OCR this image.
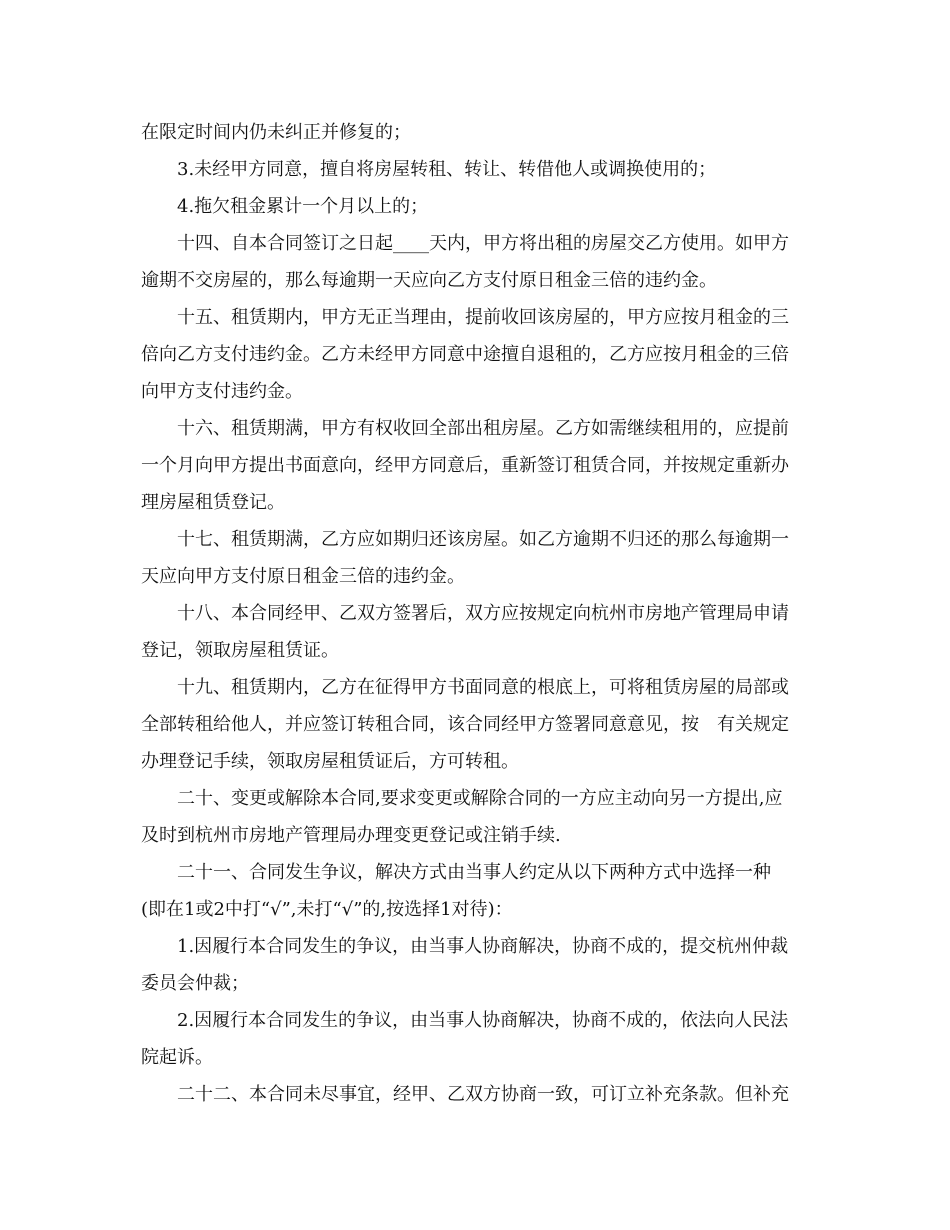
在限定时间内仍未纠正并修复的；
3.未经甲方同意，擅自将房屋转租、转让、转借他人或调换使用的；
4.拖欠租金累计一个月以上的；
十四、自本合同签订之日起____天内，甲方将出租的房屋交乙方使用。如甲方
逾期不交房屋的，那么每逾期一天应向乙方支付原日租金三倍的违约金。
十五、租赁期内，甲方无正当理由，提前收回该房屋的，甲方应按月租金的三
倍向乙方支付违约金。乙方未经甲方同意中途擅自退租的，乙方应按月租金的三倍
向甲方支付违约金。
十六、租赁期满，甲方有权收回全部出租房屋。乙方如需继续租用的，应提前
一个月向甲方提出书面意向，经甲方同意后，重新签订租赁合同，并按规定重新办
理房屋租赁登记。
十七、租赁期满，乙方应如期归还该房屋。如乙方逾期不归还的那么每逾期一
天应向甲方支付原日租金三倍的违约金。
十八、本合同经甲、乙双方签署后，双方应按规定向杭州市房地产管理局申请
登记，领取房屋租赁证。
十九、租赁期内，乙方在征得甲方书面同意的根底上，可将租赁房屋的局部或
全部转租给他人，并应签订转租合同，该合同经甲方签署同意意见，按　有关规定
办理登记手续，领取房屋租赁证后，方可转租。
二十、变更或解除本合同,要求变更或解除合同的一方应主动向另一方提出,应
及时到杭州市房地产管理局办理变更登记或注销手续.
二十一、合同发生争议，解决方式由当事人约定从以下两种方式中选择一种
(即在1或2中打“√”,未打“√”的,按选择1对待)：
1.因履行本合同发生的争议，由当事人协商解决，协商不成的，提交杭州仲裁
委员会仲裁；
2.因履行本合同发生的争议，由当事人协商解决，协商不成的，依法向人民法
院起诉。
二十二、本合同未尽事宜，经甲、乙双方协商一致，可订立补充条款。但补充
